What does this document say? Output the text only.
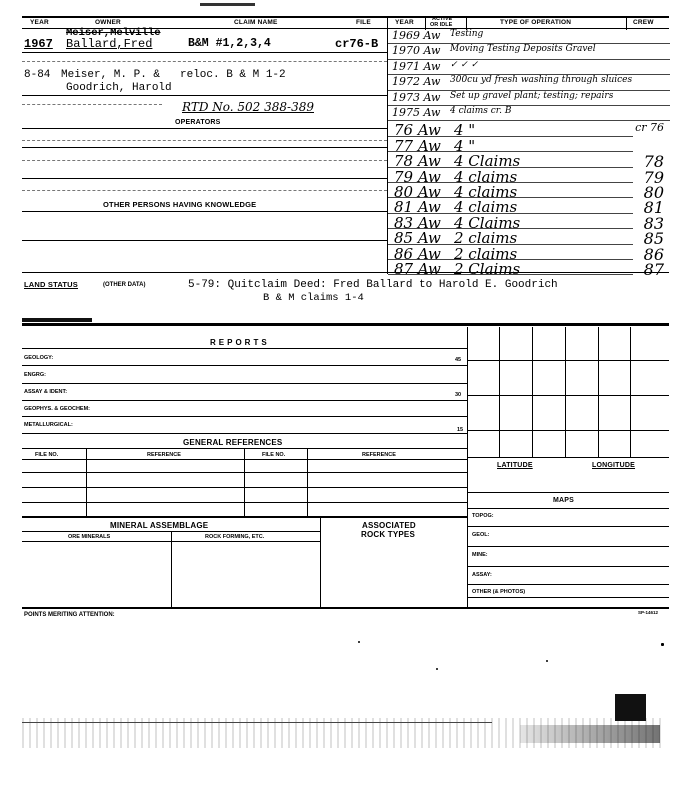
YEAR	OWNER	CLAIM NAME	FILE	YEAR	ACTIVE
OR IDLE	TYPE OF OPERATION	CREW
Meiser,Melville
1967 Ballard,Fred	B&M #1,2,3,4	cr76-B
8-84 Meiser, M. P. & reloc. B & M 1-2
Goodrich, Harold
RTD No. 502 388-389
OPERATORS
OTHER PERSONS HAVING KNOWLEDGE
1969 Aw Testing
1970 Aw Moving Testing Deposits Gravel
1971 Aw ✓ ✓ ✓
1972 Aw 300cu yd fresh washing through sluices
1973 Aw Set up gravel plant; testing; repairs
1975 Aw 4 claims cr. B
76 Aw 4 "	cr 76
77 Aw 4 "
78 Aw 4 Claims	78
79 Aw 4 claims	79
80 Aw 4 claims	80
81 Aw 4 claims	81
83 Aw 4 Claims	83
85 Aw 2 claims	85
86 Aw 2 claims	86
87 Aw 2 Claims	87
LAND STATUS	(OTHER DATA)	5-79: Quitclaim Deed: Fred Ballard to Harold E. Goodrich
B & M claims 1-4
REPORTS
GEOLOGY:	45
ENGRG:
ASSAY & IDENT:	30
GEOPHYS. & GEOCHEM:
METALLURGICAL:
15
LATITUDE	LONGITUDE
MAPS
TOPOG:
GEOL:
MINE:
ASSAY:
OTHER (& PHOTOS)
GENERAL REFERENCES
FILE NO.	REFERENCE	FILE NO.	REFERENCE
MINERAL ASSEMBLAGE	ASSOCIATED
ROCK TYPES
ORE MINERALS	ROCK FORMING, ETC.
POINTS MERITING ATTENTION:	SP-14612
